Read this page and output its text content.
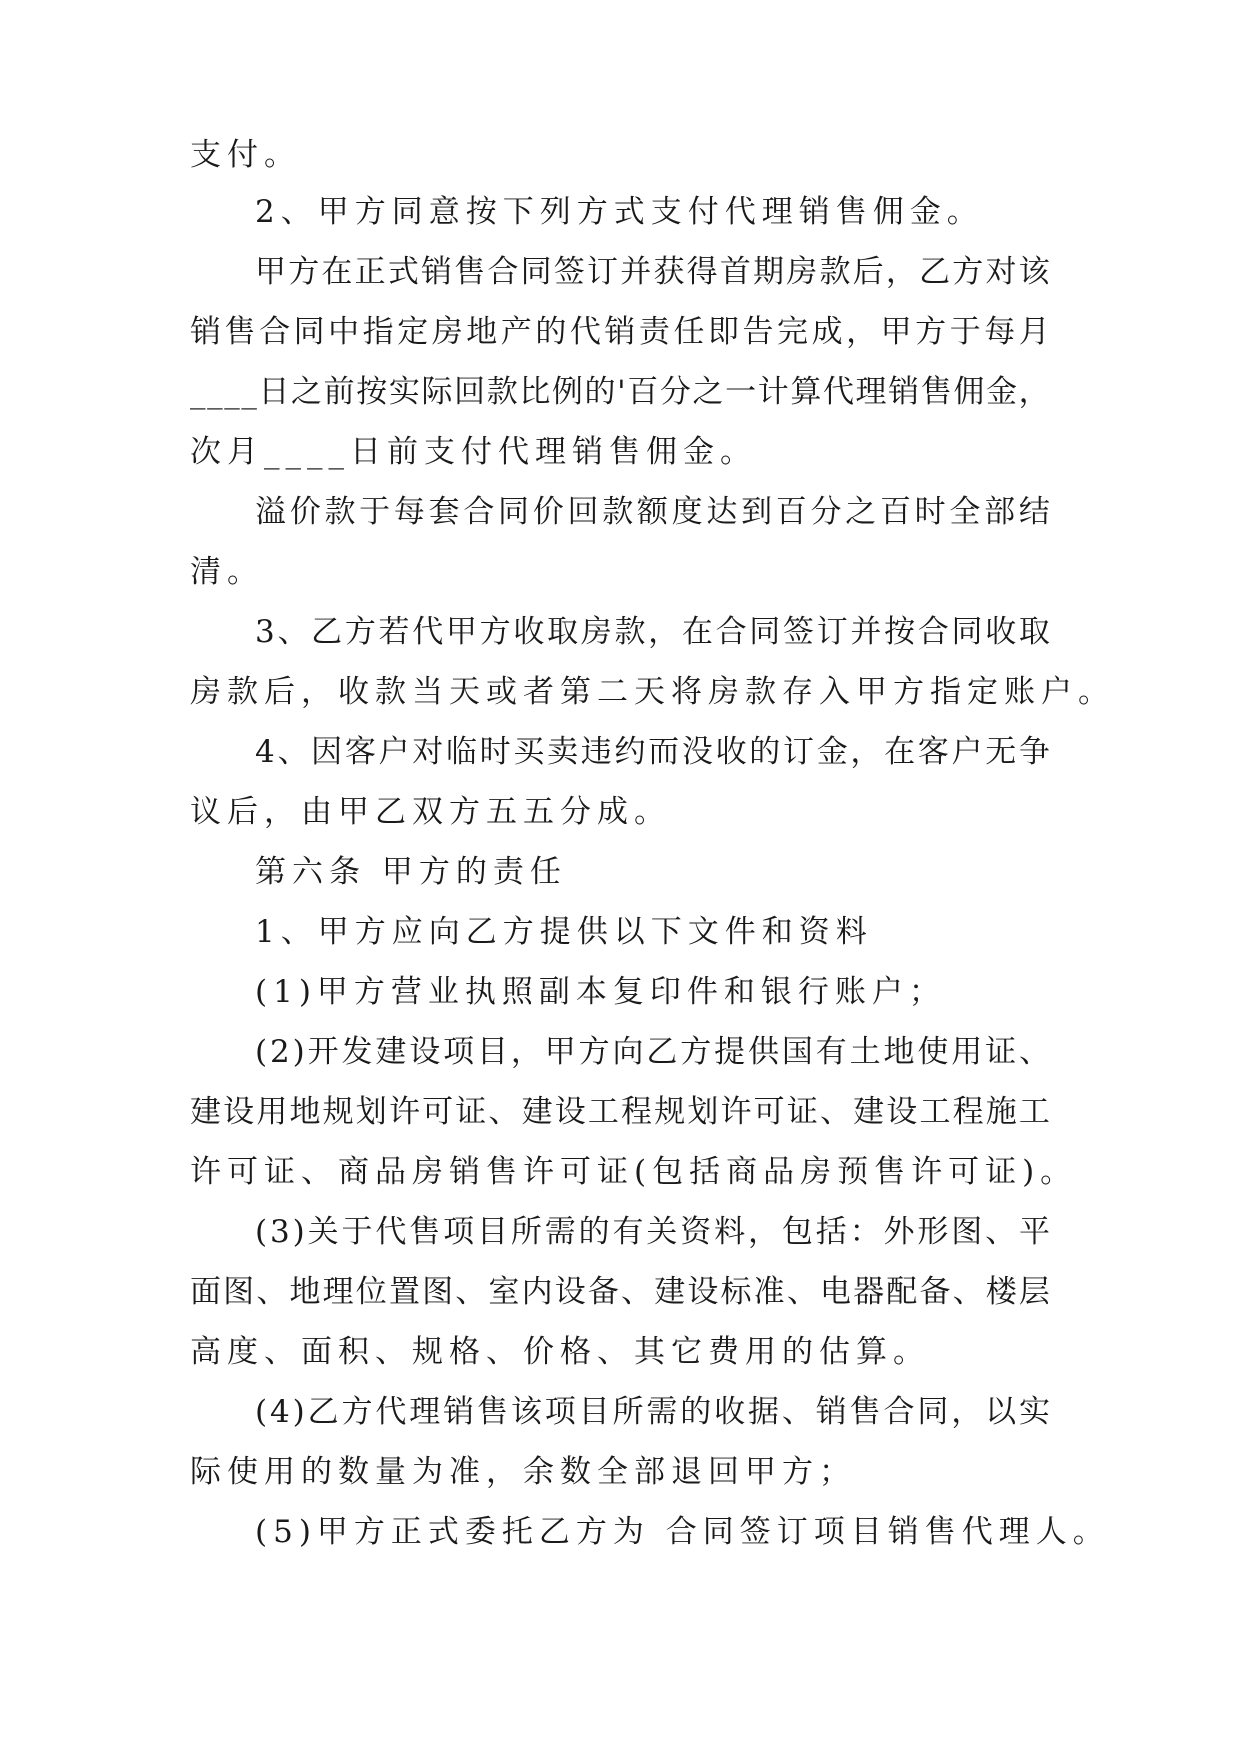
支付。
2、甲方同意按下列方式支付代理销售佣金。
甲 方 在 正 式 销 售 合 同 签 订 并 获 得 首 期 房 款 后 ， 乙 方 对 该
销 售 合 同 中 指 定 房 地 产 的 代 销 责 任 即 告 完 成 ， 甲 方 于 每 月
_ _ _ _ 日 之 前 按 实 际 回 款 比 例 的 ' 百 分 之 一 计 算 代 理 销 售 佣 金 ，
次月____日前支付代理销售佣金。
溢 价 款 于 每 套 合 同 价 回 款 额 度 达 到 百 分 之 百 时 全 部 结
清。
3 、 乙 方 若 代 甲 方 收 取 房 款 ， 在 合 同 签 订 并 按 合 同 收 取
房款后，收款当天或者第二天将房款存入甲方指定账户。
4 、 因 客 户 对 临 时 买 卖 违 约 而 没 收 的 订 金 ， 在 客 户 无 争
议后，由甲乙双方五五分成。
第六条 甲方的责任
1、甲方应向乙方提供以下文件和资料
(1)甲方营业执照副本复印件和银行账户；
( 2 ) 开 发 建 设 项 目 ， 甲 方 向 乙 方 提 供 国 有 土 地 使 用 证 、
建 设 用 地 规 划 许 可 证 、 建 设 工 程 规 划 许 可 证 、 建 设 工 程 施 工
许可证、商品房销售许可证(包括商品房预售许可证)。
( 3 ) 关 于 代 售 项 目 所 需 的 有 关 资 料 ， 包 括 ： 外 形 图 、 平
面 图 、 地 理 位 置 图 、 室 内 设 备 、 建 设 标 准 、 电 器 配 备 、 楼 层
高度、面积、规格、价格、其它费用的估算。
( 4 ) 乙 方 代 理 销 售 该 项 目 所 需 的 收 据 、 销 售 合 同 ， 以 实
际使用的数量为准，余数全部退回甲方；
(5)甲方正式委托乙方为 合同签订项目销售代理人。
